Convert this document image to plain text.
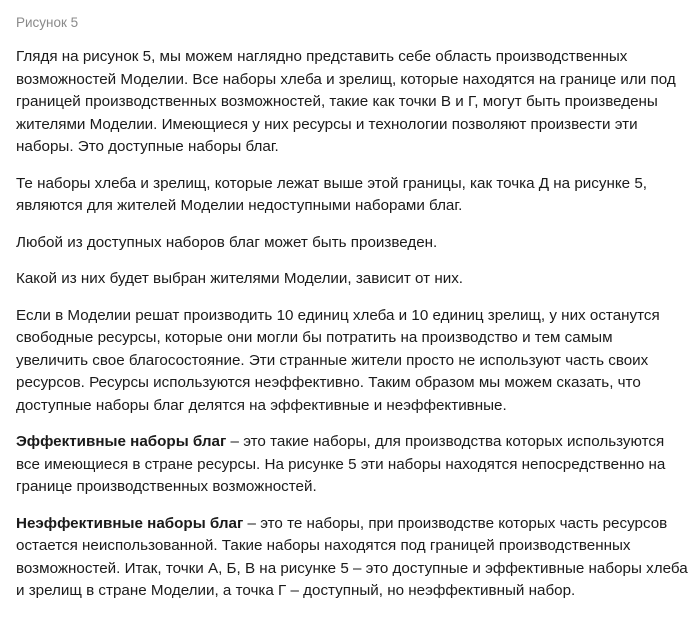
Рисунок 5

Глядя на рисунок 5, мы можем наглядно представить себе область производственных возможностей Моделии. Все наборы хлеба и зрелищ, которые находятся на границе или под границей производственных возможностей, такие как точки В и Г, могут быть произведены жителями Моделии. Имеющиеся у них ресурсы и технологии позволяют произвести эти наборы. Это доступные наборы благ.

Те наборы хлеба и зрелищ, которые лежат выше этой границы, как точка Д на рисунке 5, являются для жителей Моделии недоступными наборами благ.

Любой из доступных наборов благ может быть произведен.

Какой из них будет выбран жителями Моделии, зависит от них.

Если в Моделии решат производить 10 единиц хлеба и 10 единиц зрелищ, у них останутся свободные ресурсы, которые они могли бы потратить на производство и тем самым увеличить свое благосостояние. Эти странные жители просто не используют часть своих ресурсов. Ресурсы используются неэффективно. Таким образом мы можем сказать, что доступные наборы благ делятся на эффективные и неэффективные.

Эффективные наборы благ – это такие наборы, для производства которых используются все имеющиеся в стране ресурсы. На рисунке 5 эти наборы находятся непосредственно на границе производственных возможностей.

Неэффективные наборы благ – это те наборы, при производстве которых часть ресурсов остается неиспользованной. Такие наборы находятся под границей производственных возможностей. Итак, точки А, Б, В на рисунке 5 – это доступные и эффективные наборы хлеба и зрелищ в стране Моделии, а точка Г – доступный, но неэффективный набор.
